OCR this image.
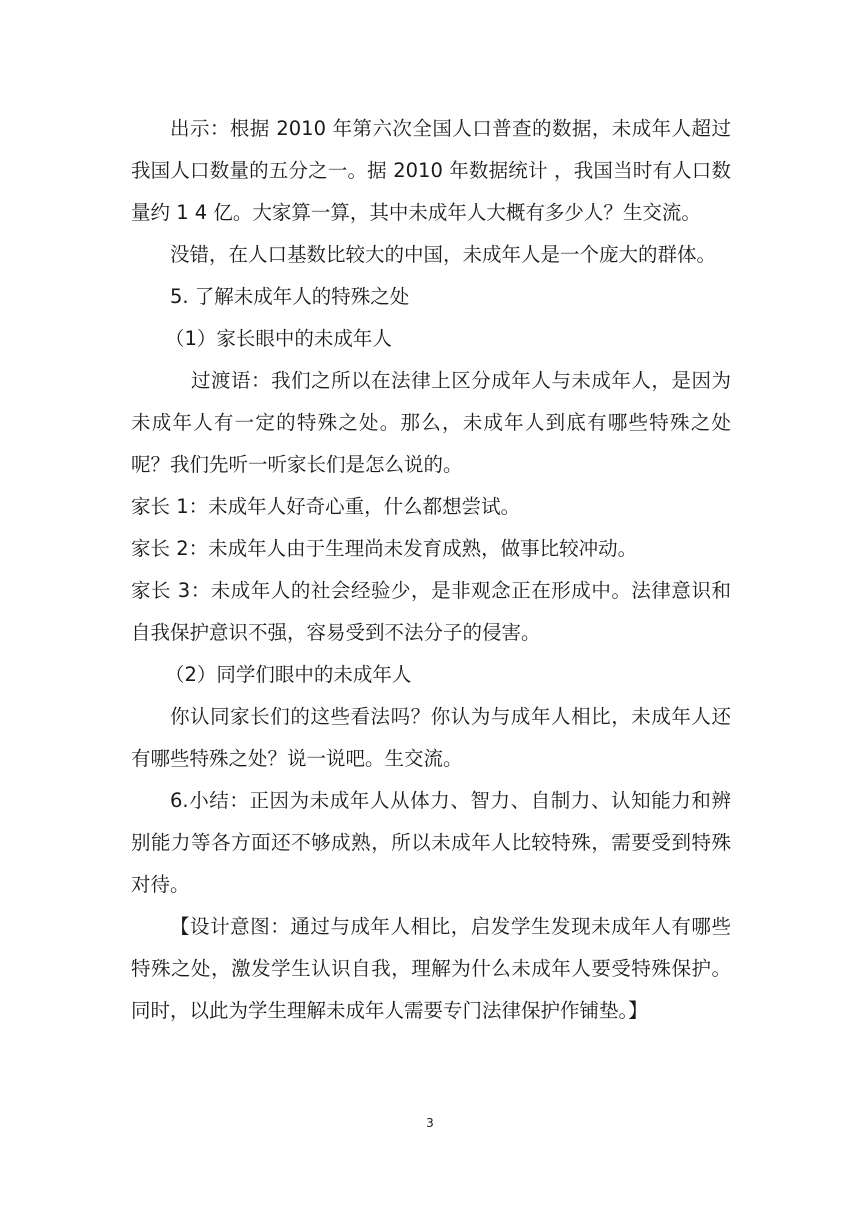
出示：根据 2010 年第六次全国人口普查的数据，未成年人超过我国人口数量的五分之一。据 2010 年数据统计 ，我国当时有人口数量约 1 4 亿。大家算一算，其中未成年人大概有多少人？生交流。

没错，在人口基数比较大的中国，未成年人是一个庞大的群体。

5. 了解未成年人的特殊之处

（1）家长眼中的未成年人

过渡语：我们之所以在法律上区分成年人与未成年人，是因为未成年人有一定的特殊之处。那么，未成年人到底有哪些特殊之处呢？我们先听一听家长们是怎么说的。

家长 1：未成年人好奇心重，什么都想尝试。

家长 2：未成年人由于生理尚未发育成熟，做事比较冲动。

家长 3：未成年人的社会经验少，是非观念正在形成中。法律意识和自我保护意识不强，容易受到不法分子的侵害。

（2）同学们眼中的未成年人

你认同家长们的这些看法吗？你认为与成年人相比，未成年人还有哪些特殊之处？说一说吧。生交流。

6.小结：正因为未成年人从体力、智力、自制力、认知能力和辨别能力等各方面还不够成熟，所以未成年人比较特殊，需要受到特殊对待。

【设计意图：通过与成年人相比，启发学生发现未成年人有哪些特殊之处，激发学生认识自我，理解为什么未成年人要受特殊保护。同时，以此为学生理解未成年人需要专门法律保护作铺垫。】

3
